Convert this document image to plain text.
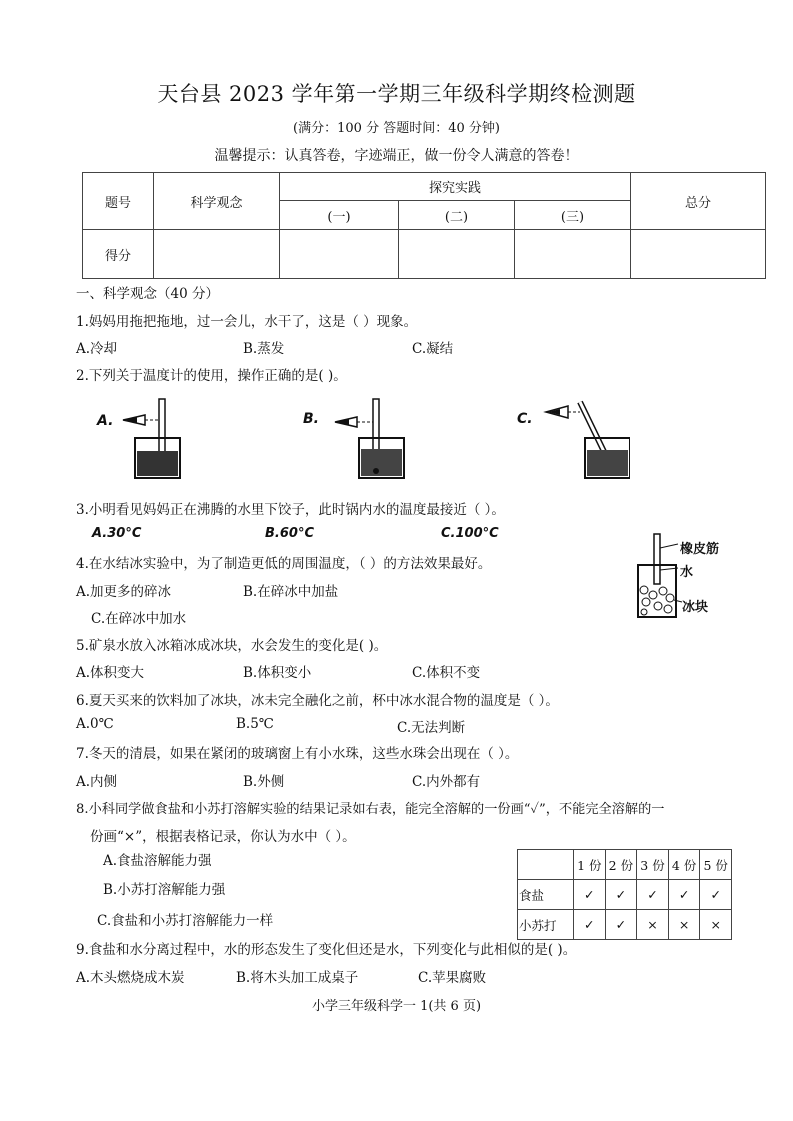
天台县 2023 学年第一学期三年级科学期终检测题
(满分：100 分 答题时间：40 分钟)
温馨提示：认真答卷，字迹端正，做一份令人满意的答卷！
题号	科学观念	探究实践			总分
		(一)	(二)	(三)	
得分					
一、科学观念（40 分）
1.妈妈用拖把拖地，过一会儿，水干了，这是（ ）现象。
A.冷却	B.蒸发	C.凝结
2.下列关于温度计的使用，操作正确的是( )。
A.	B.	C.
3.小明看见妈妈正在沸腾的水里下饺子，此时锅内水的温度最接近（ ）。
A.30°C	B.60°C	C.100°C
4.在水结冰实验中，为了制造更低的周围温度，（ ）的方法效果最好。
A.加更多的碎冰	B.在碎冰中加盐
C.在碎冰中加水
橡皮筋
水
冰块
5.矿泉水放入冰箱冰成冰块，水会发生的变化是( )。
A.体积变大	B.体积变小	C.体积不变
6.夏天买来的饮料加了冰块，冰未完全融化之前，杯中冰水混合物的温度是（ ）。
A.0℃	B.5℃	C.无法判断
7.冬天的清晨，如果在紧闭的玻璃窗上有小水珠，这些水珠会出现在（ ）。
A.内侧	B.外侧	C.内外都有
8.小科同学做食盐和小苏打溶解实验的结果记录如右表，能完全溶解的一份画“✓”，不能完全溶解的一
份画“×”，根据表格记录，你认为水中（ ）。
A.食盐溶解能力强
B.小苏打溶解能力强
C.食盐和小苏打溶解能力一样
	1 份	2 份	3 份	4 份	5 份
食盐	✓	✓	✓	✓	✓
小苏打	✓	✓	×	×	×
9.食盐和水分离过程中，水的形态发生了变化但还是水，下列变化与此相似的是( )。
A.木头燃烧成木炭	B.将木头加工成桌子	C.苹果腐败
小学三年级科学一 1(共 6 页)
